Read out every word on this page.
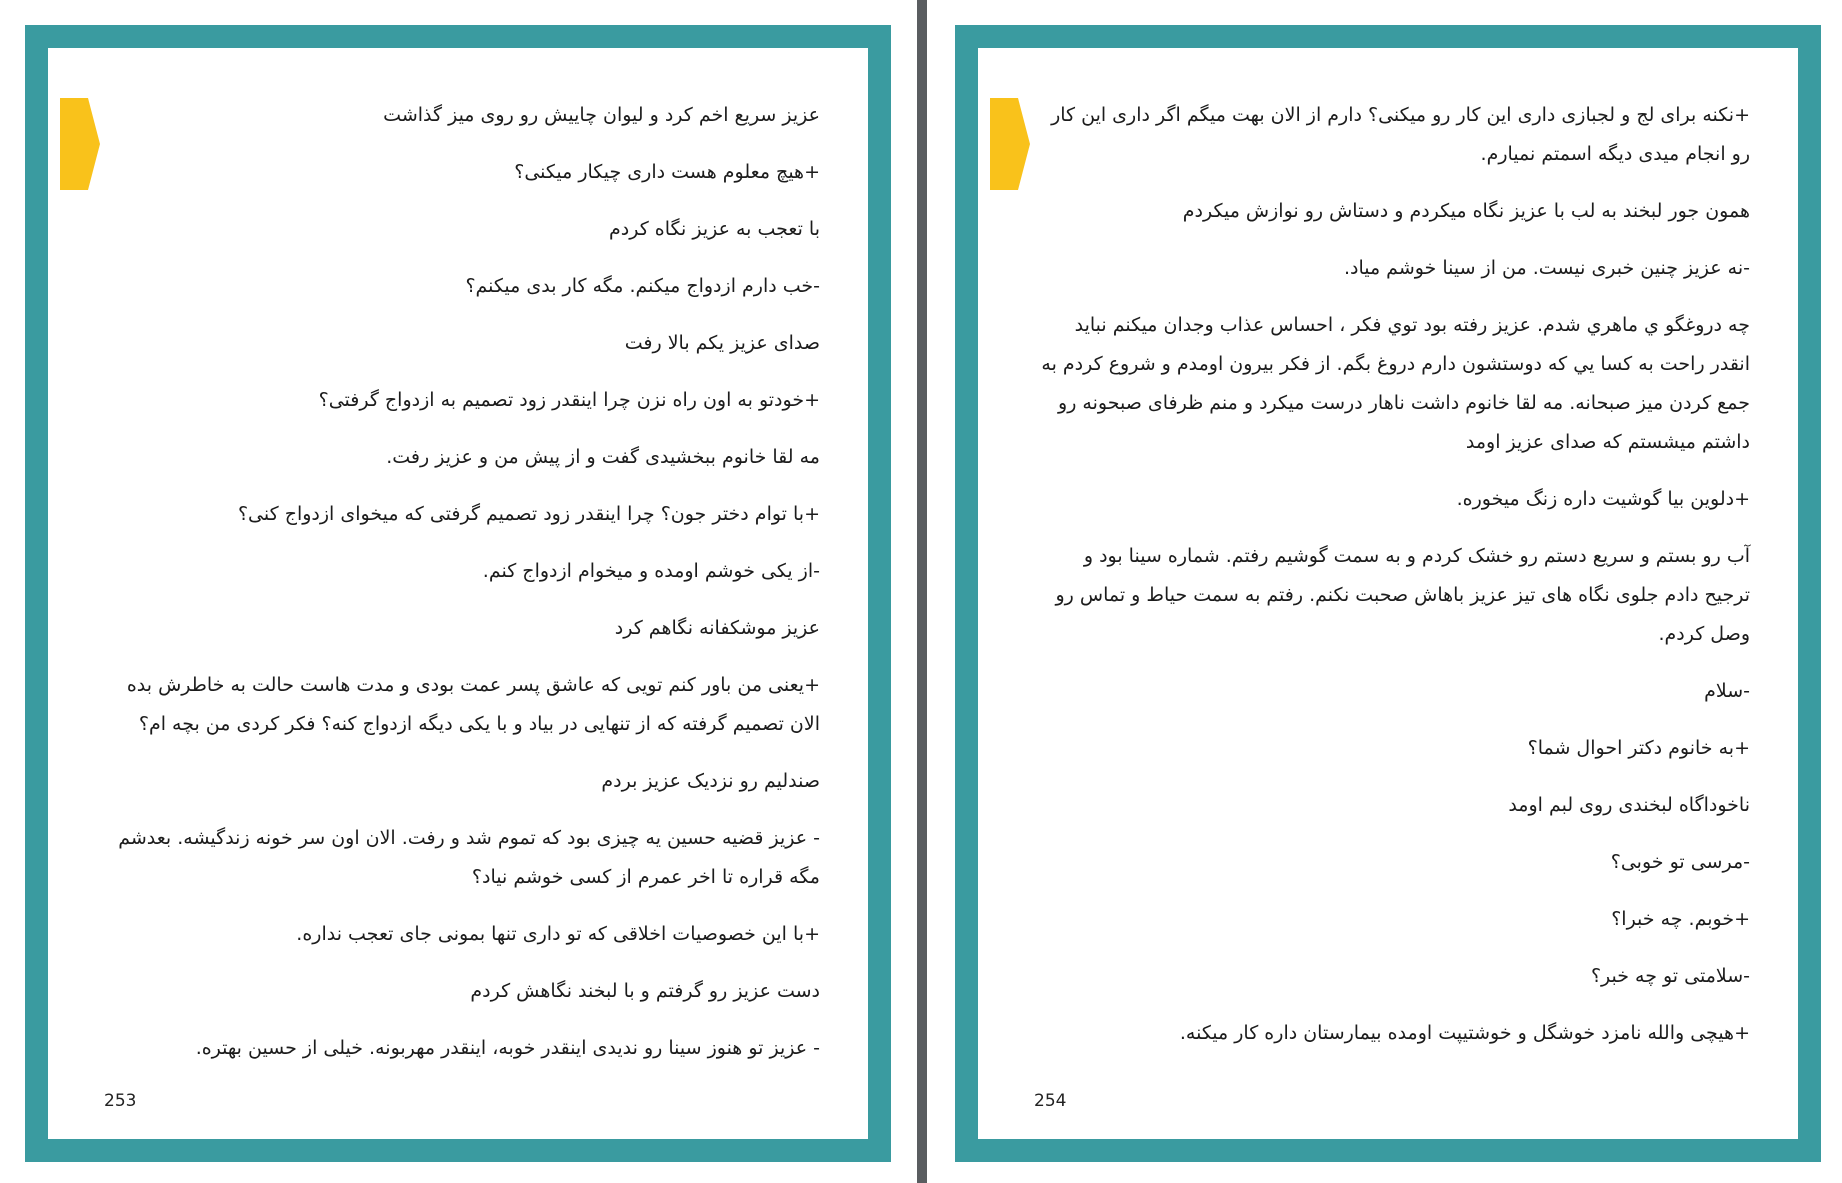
عزیز سریع اخم کرد و لیوان چاییش رو روی میز گذاشت

+هیچ معلوم هست داری چیکار میکنی؟

با تعجب به عزیز نگاه کردم

-خب دارم ازدواج میکنم. مگه کار بدی میکنم؟

صدای عزیز یکم بالا رفت

+خودتو به اون راه نزن چرا اینقدر زود تصمیم به ازدواج گرفتی؟

مه لقا خانوم ببخشیدی گفت و از پیش من و عزیز رفت.

+با توام دختر جون؟ چرا اینقدر زود تصمیم گرفتی که میخوای ازدواج کنی؟

-از یکی خوشم اومده و میخوام ازدواج کنم.

عزیز موشکفانه نگاهم کرد

+یعنی من باور کنم تویی که عاشق پسر عمت بودی و مدت هاست حالت به خاطرش بده الان تصمیم گرفته که از تنهایی در بیاد و با یکی دیگه ازدواج کنه؟ فکر کردی من بچه ام؟

صندلیم رو نزدیک عزیز بردم

- عزیز قضیه حسین یه چیزی بود که تموم شد و رفت. الان اون سر خونه زندگیشه. بعدشم مگه قراره تا اخر عمرم از کسی خوشم نیاد؟

+با این خصوصیات اخلاقی که تو داری تنها بمونی جای تعجب نداره.

دست عزیز رو گرفتم و با لبخند نگاهش کردم

- عزیز تو هنوز سینا رو ندیدی اینقدر خوبه، اینقدر مهربونه. خیلی از حسین بهتره.

253

+نکنه برای لج و لجبازی داری این کار رو میکنی؟ دارم از الان بهت میگم اگر داری این کار رو انجام میدی دیگه اسمتم نمیارم.

همون جور لبخند به لب با عزیز نگاه میکردم و دستاش رو نوازش میکردم

-نه عزیز چنین خبری نیست. من از سینا خوشم میاد.

چه دروغگو ي ماهري شدم. عزیز رفته بود توي فکر ، احساس عذاب وجدان میکنم نباید انقدر راحت به کسا يي که دوستشون دارم دروغ بگم. از فکر بیرون اومدم و شروع کردم به جمع کردن میز صبحانه. مه لقا خانوم داشت ناهار درست میکرد و منم ظرفای صبحونه رو داشتم میشستم که صدای عزیز اومد

+دلوین بیا گوشیت داره زنگ میخوره.

آب رو بستم و سریع دستم رو خشک کردم و به سمت گوشیم رفتم. شماره سینا بود و ترجیح دادم جلوی نگاه های تیز عزیز باهاش صحبت نکنم. رفتم به سمت حیاط و تماس رو وصل کردم.

-سلام

+به خانوم دکتر احوال شما؟

ناخوداگاه لبخندی روی لبم اومد

-مرسی تو خوبی؟

+خوبم. چه خبرا؟

-سلامتی تو چه خبر؟

+هیچی والله نامزد خوشگل و خوشتیپت اومده بیمارستان داره کار میکنه.

254
